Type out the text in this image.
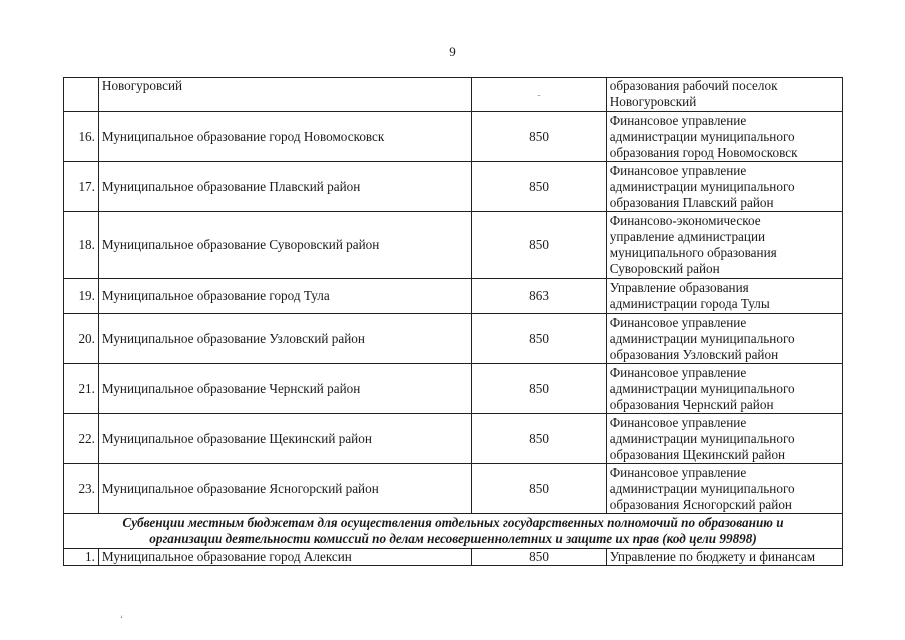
9
	Новогуровсий	-	образования рабочий поселок
Новогуровский

16.	Муниципальное образование город Новомосковск	850	Финансовое управление
администрации муниципального
образования город Новомосковск

17.	Муниципальное образование Плавский район	850	Финансовое управление
администрации муниципального
образования Плавский район

18.	Муниципальное образование Суворовский район	850	Финансово-экономическое
управление администрации
муниципального образования
Суворовский район

19.	Муниципальное образование город Тула	863	Управление образования
администрации города Тулы

20.	Муниципальное образование Узловский район	850	Финансовое управление
администрации муниципального
образования Узловский район

21.	Муниципальное образование Чернский район	850	Финансовое управление
администрации муниципального
образования Чернский район

22.	Муниципальное образование Щекинский район	850	Финансовое управление
администрации муниципального
образования Щекинский район

23.	Муниципальное образование Ясногорский район	850	Финансовое управление
администрации муниципального
образования Ясногорский район

Субвенции местным бюджетам для осуществления отдельных государственных полномочий по образованию и
организации деятельности комиссий по делам несовершеннолетних и защите их прав (код цели 99898)			

1.	Муниципальное образование город Алексин	850	Управление по бюджету и финансам
‘
